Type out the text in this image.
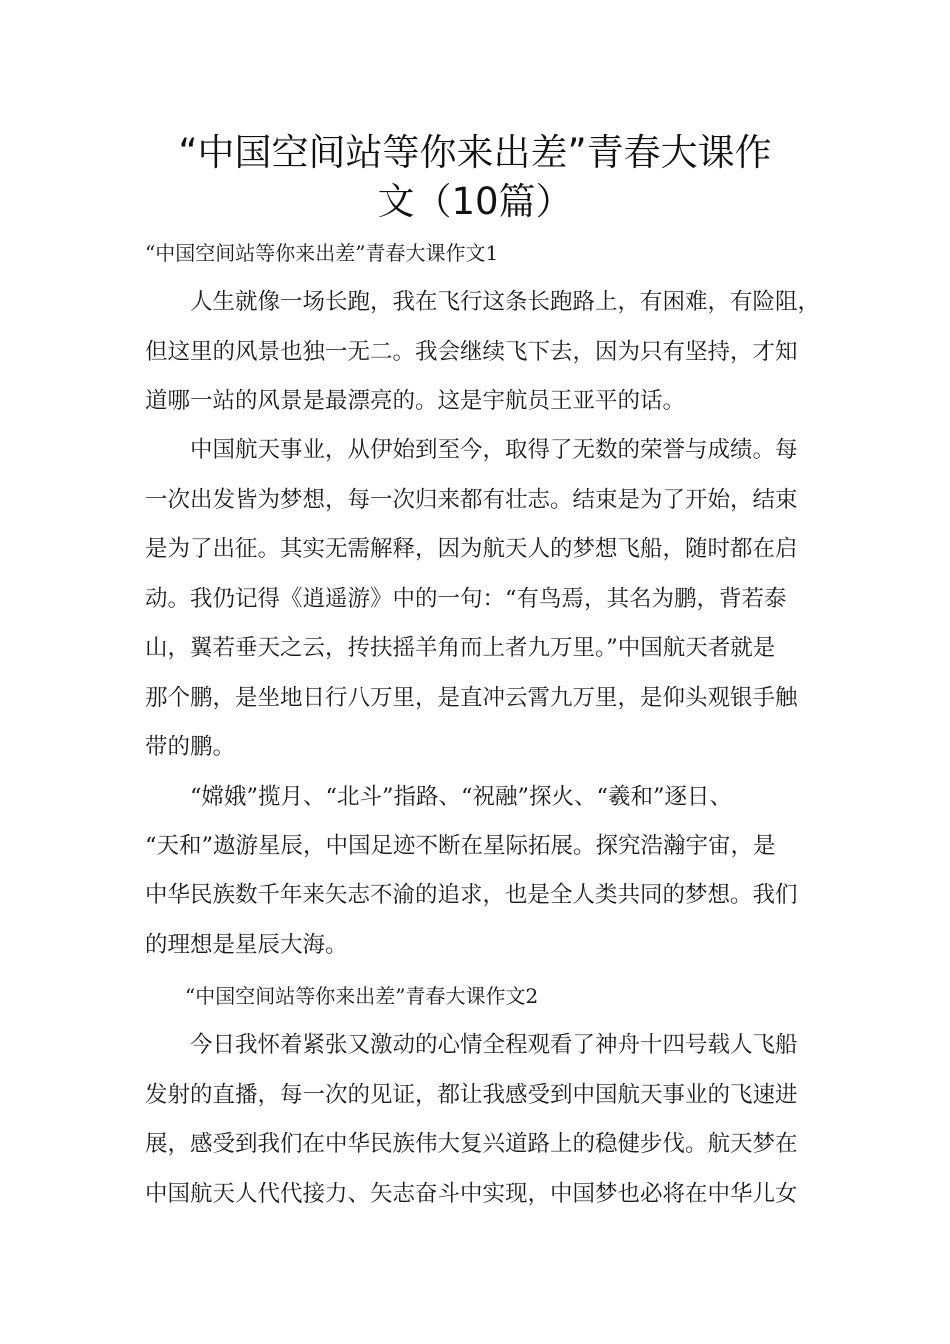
“中国空间站等你来出差”青春大课作
文（10篇）
“中国空间站等你来出差”青春大课作文1
　　人生就像一场长跑，我在飞行这条长跑路上，有困难，有险阻，
但这里的风景也独一无二。我会继续飞下去，因为只有坚持，才知
道哪一站的风景是最漂亮的。这是宇航员王亚平的话。
　　中国航天事业，从伊始到至今，取得了无数的荣誉与成绩。每
一次出发皆为梦想，每一次归来都有壮志。结束是为了开始，结束
是为了出征。其实无需解释，因为航天人的梦想飞船，随时都在启
动。我仍记得《逍遥游》中的一句：“有鸟焉，其名为鹏，背若泰
山，翼若垂天之云，抟扶摇羊角而上者九万里。”中国航天者就是
那个鹏，是坐地日行八万里，是直冲云霄九万里，是仰头观银手触
带的鹏。
　　“嫦娥”揽月、“北斗”指路、“祝融”探火、“羲和”逐日、
“天和”遨游星辰，中国足迹不断在星际拓展。探究浩瀚宇宙，是
中华民族数千年来矢志不渝的追求，也是全人类共同的梦想。我们
的理想是星辰大海。
　　“中国空间站等你来出差”青春大课作文2
　　今日我怀着紧张又激动的心情全程观看了神舟十四号载人飞船
发射的直播，每一次的见证，都让我感受到中国航天事业的飞速进
展，感受到我们在中华民族伟大复兴道路上的稳健步伐。航天梦在
中国航天人代代接力、矢志奋斗中实现，中国梦也必将在中华儿女
